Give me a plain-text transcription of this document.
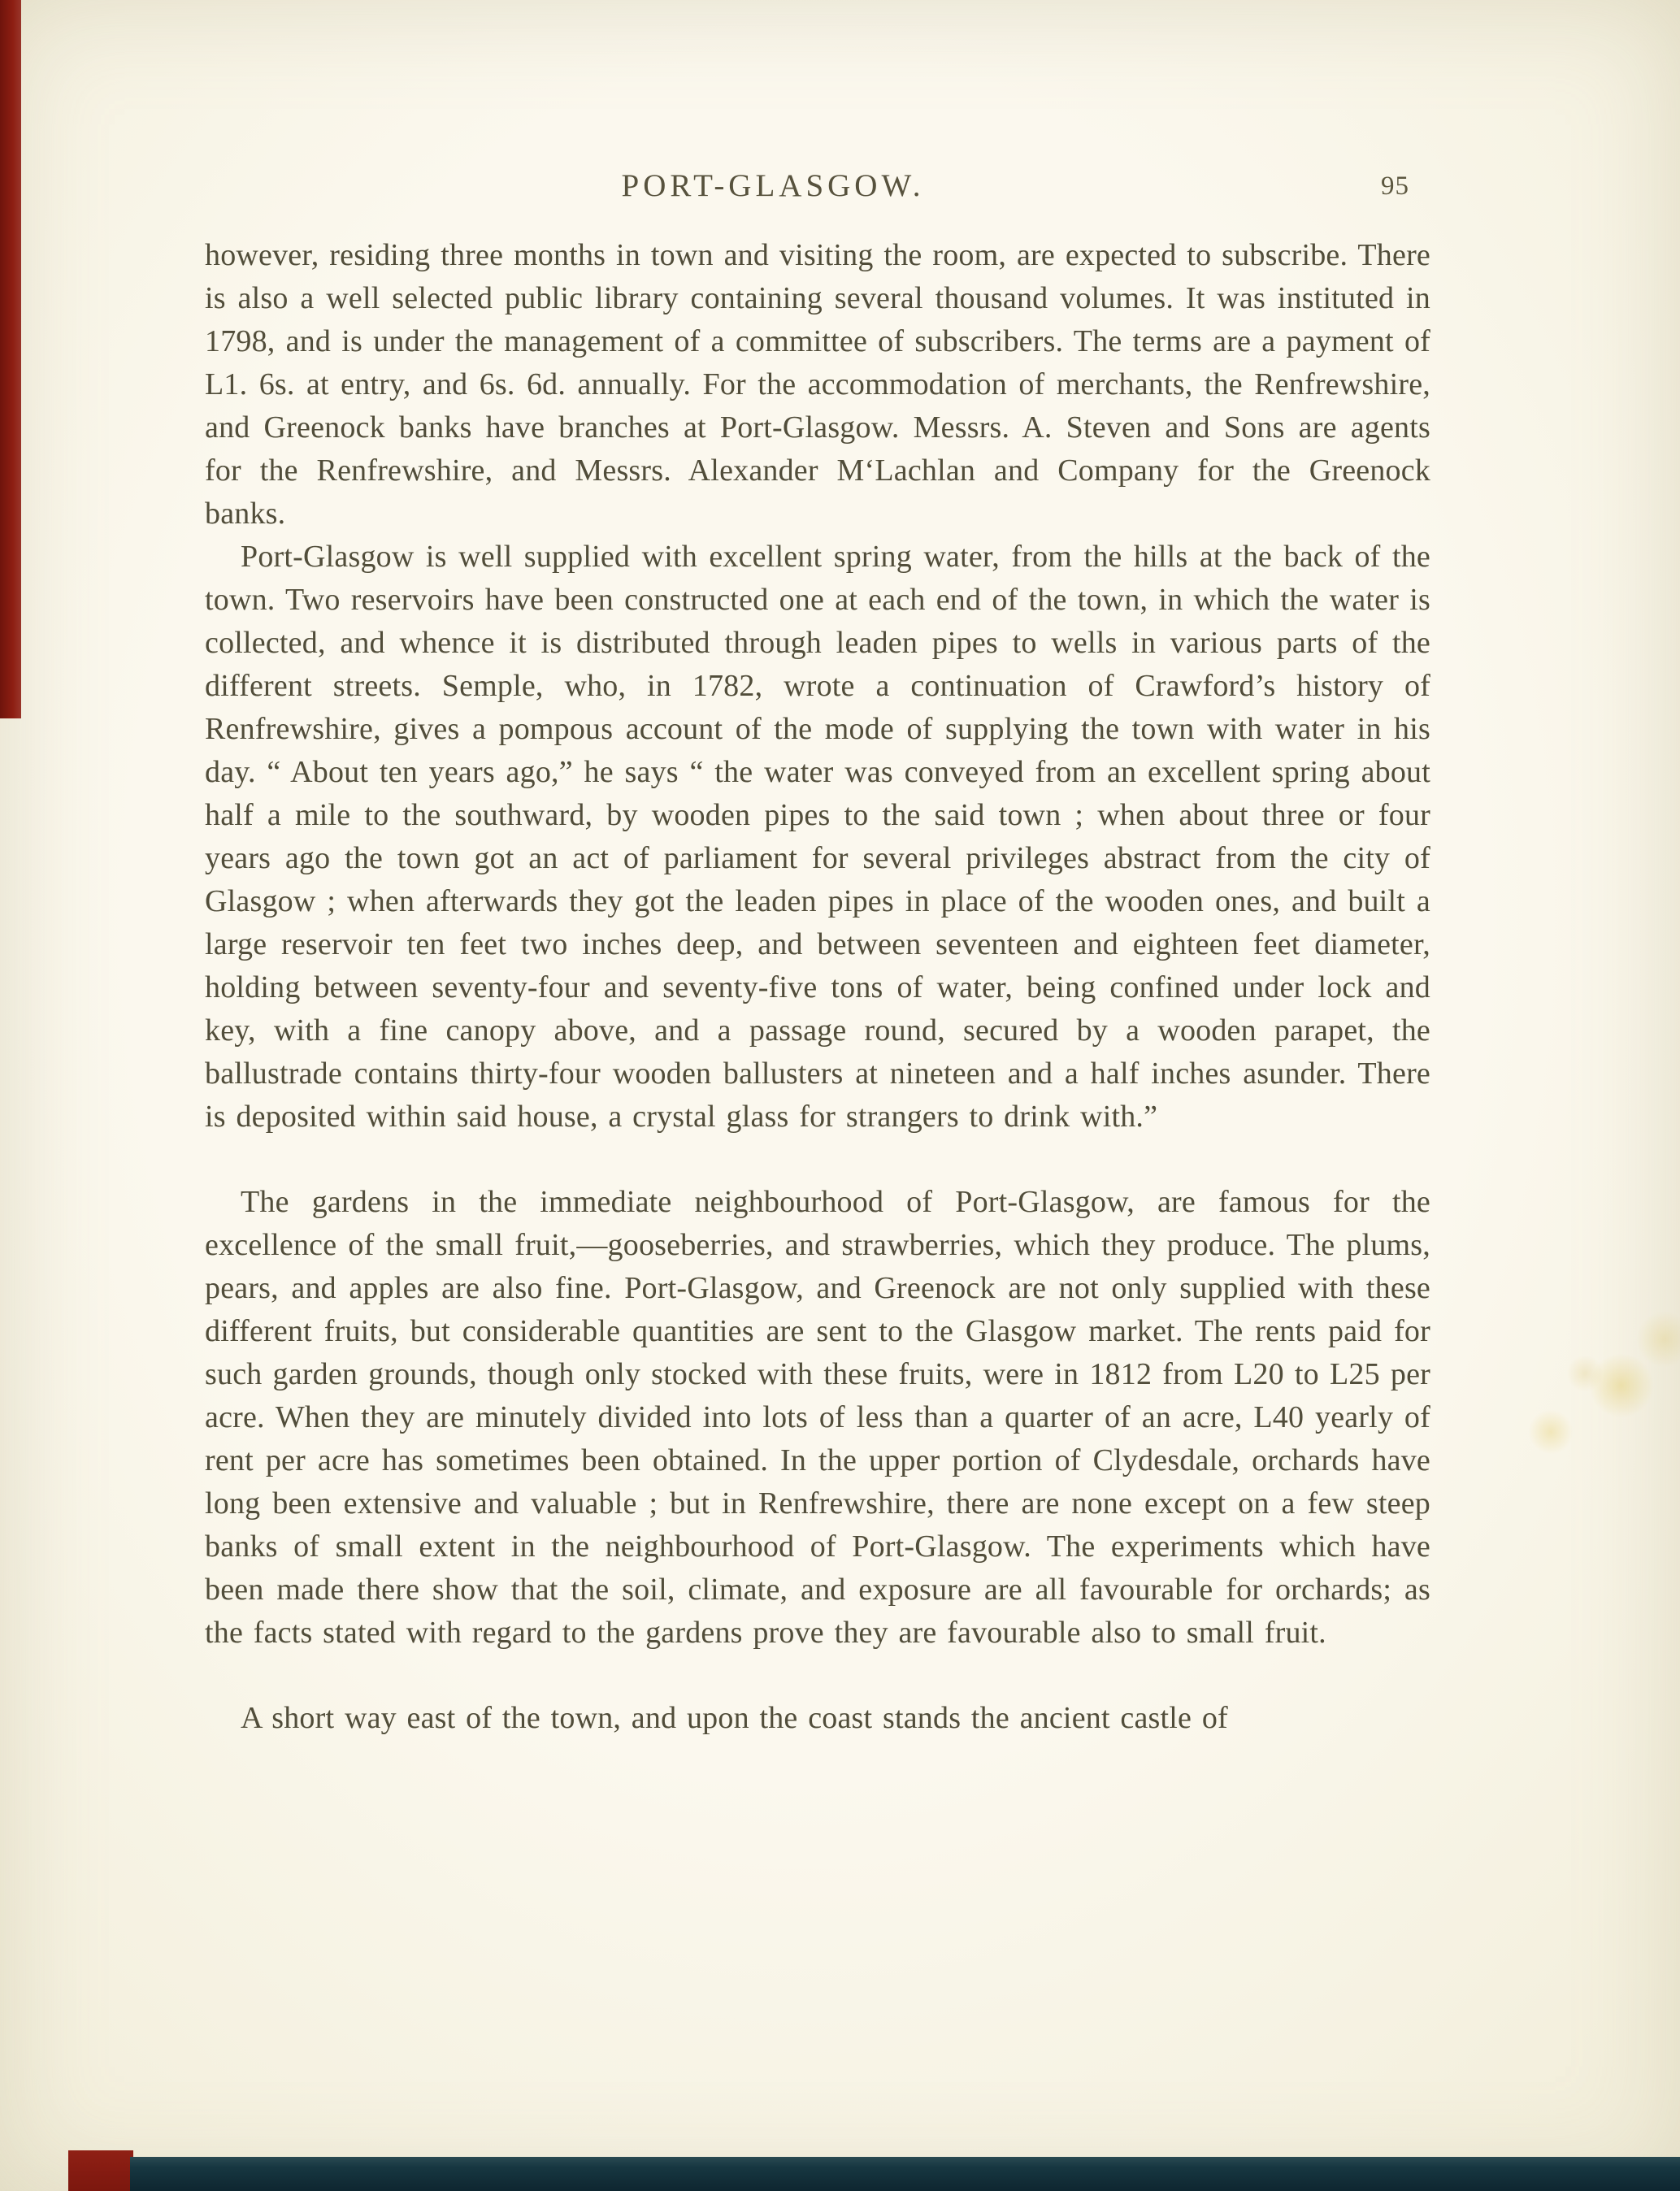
PORT-GLASGOW.	95

however, residing three months in town and visiting the room, are expected to subscribe. There is also a well selected public library containing several thousand volumes. It was instituted in 1798, and is under the management of a committee of subscribers. The terms are a payment of L1. 6s. at entry, and 6s. 6d. annually. For the accommodation of merchants, the Renfrewshire, and Greenock banks have branches at Port-Glasgow. Messrs. A. Steven and Sons are agents for the Renfrewshire, and Messrs. Alexander M‘Lachlan and Company for the Greenock banks.

Port-Glasgow is well supplied with excellent spring water, from the hills at the back of the town. Two reservoirs have been constructed one at each end of the town, in which the water is collected, and whence it is distributed through leaden pipes to wells in various parts of the different streets. Semple, who, in 1782, wrote a continuation of Crawford’s history of Renfrewshire, gives a pompous account of the mode of supplying the town with water in his day. “ About ten years ago,” he says “ the water was conveyed from an excellent spring about half a mile to the southward, by wooden pipes to the said town ; when about three or four years ago the town got an act of parliament for several privileges abstract from the city of Glasgow ; when afterwards they got the leaden pipes in place of the wooden ones, and built a large reservoir ten feet two inches deep, and between seventeen and eighteen feet diameter, holding between seventy-four and seventy-five tons of water, being confined under lock and key, with a fine canopy above, and a passage round, secured by a wooden parapet, the ballustrade contains thirty-four wooden ballusters at nineteen and a half inches asunder. There is deposited within said house, a crystal glass for strangers to drink with.”

The gardens in the immediate neighbourhood of Port-Glasgow, are famous for the excellence of the small fruit,—gooseberries, and strawberries, which they produce. The plums, pears, and apples are also fine. Port-Glasgow, and Greenock are not only supplied with these different fruits, but considerable quantities are sent to the Glasgow market. The rents paid for such garden grounds, though only stocked with these fruits, were in 1812 from L20 to L25 per acre. When they are minutely divided into lots of less than a quarter of an acre, L40 yearly of rent per acre has sometimes been obtained. In the upper portion of Clydesdale, orchards have long been extensive and valuable ; but in Renfrewshire, there are none except on a few steep banks of small extent in the neighbourhood of Port-Glasgow. The experiments which have been made there show that the soil, climate, and exposure are all favourable for orchards; as the facts stated with regard to the gardens prove they are favourable also to small fruit.

A short way east of the town, and upon the coast stands the ancient castle of
